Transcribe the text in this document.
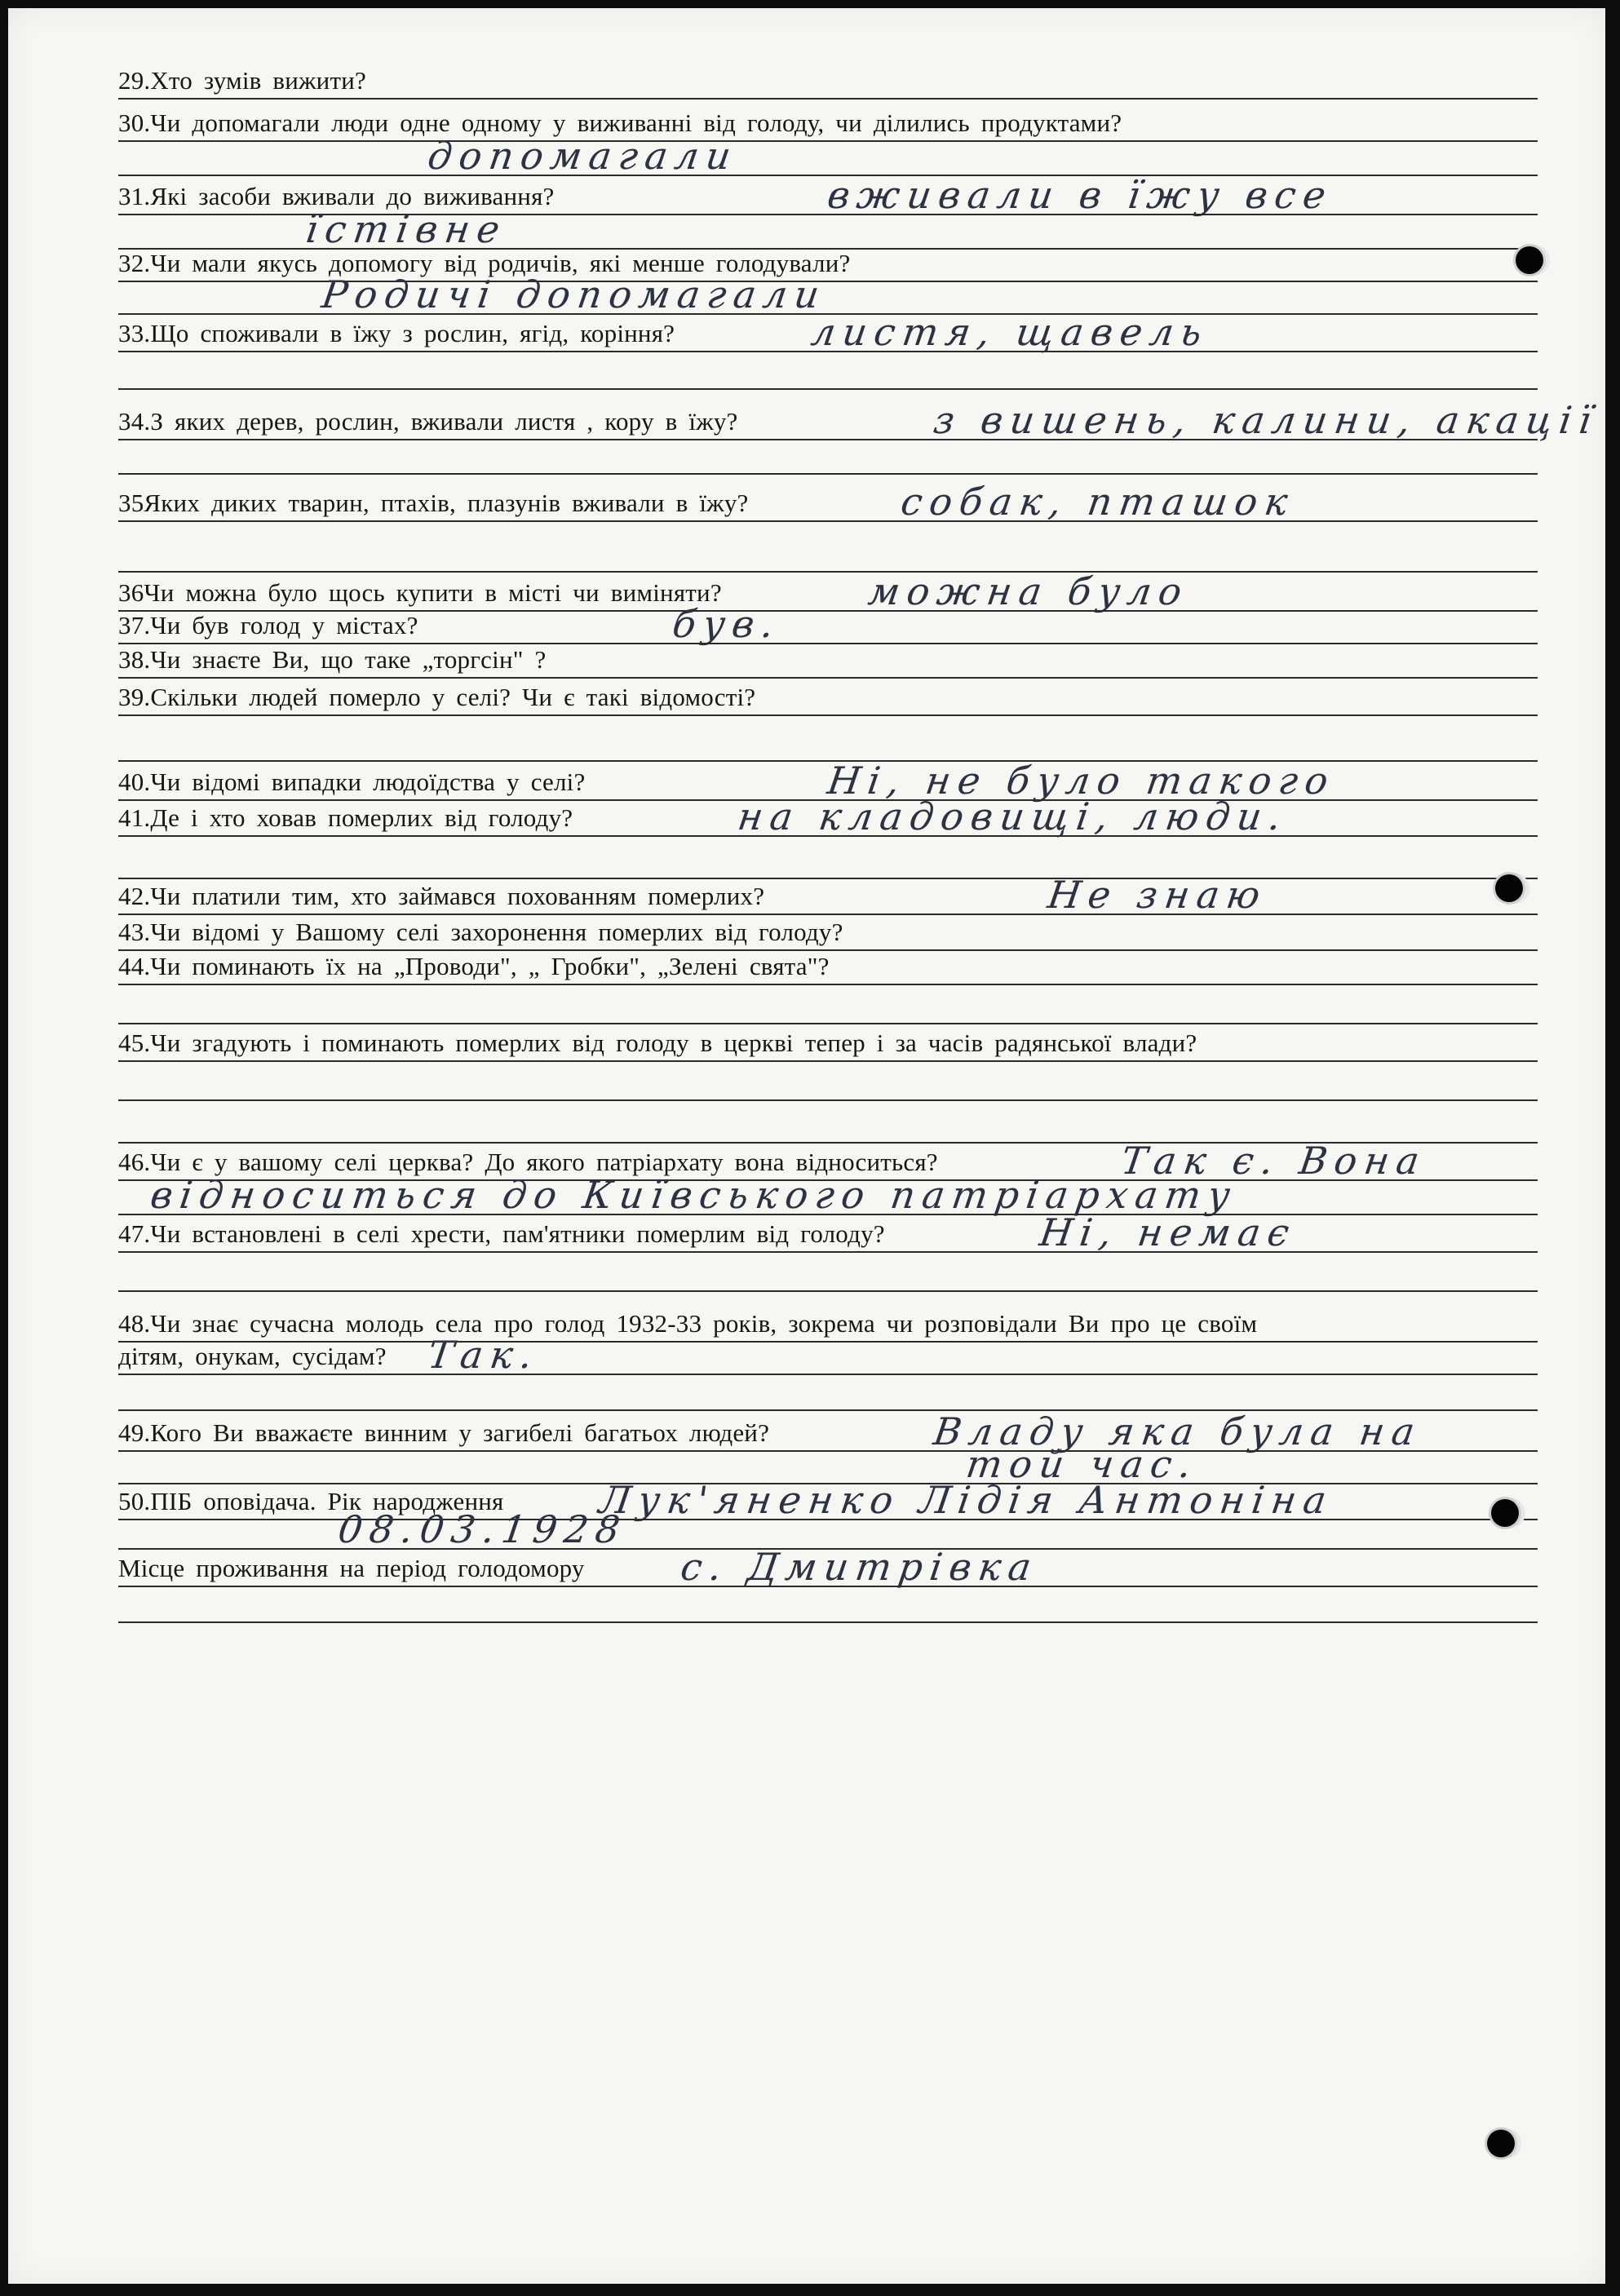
29.Хто зумів вижити?
30.Чи допомагали люди одне одному у виживанні від голоду, чи ділились продуктами?
допомагали
31.Які засоби вживали до виживання?	вживали в їжу все
їстівне
32.Чи мали якусь допомогу від родичів, які менше голодували?
Родичі допомагали
33.Що споживали в їжу з рослин, ягід, коріння?	листя, щавель
34.З яких дерев, рослин, вживали листя , кору в їжу?	з вишень, калини, акації
35Яких диких тварин, птахів, плазунів вживали в їжу?	собак, пташок
36Чи можна було щось купити в місті чи виміняти?	можна було
37.Чи був голод у містах?	був.
38.Чи знаєте Ви, що таке „торгсін" ?
39.Скільки людей померло у селі? Чи є такі відомості?
40.Чи відомі випадки людоїдства у селі?	Ні, не було такого
41.Де і хто ховав померлих від голоду?	на кладовищі, люди.
42.Чи платили тим, хто займався похованням померлих?	Не знаю
43.Чи відомі у Вашому селі захоронення померлих від голоду?
44.Чи поминають їх на „Проводи", „ Гробки", „Зелені свята"?
45.Чи згадують і поминають померлих від голоду в церкві тепер і за часів радянської влади?
46.Чи є у вашому селі церква? До якого патріархату вона відноситься?	Так є. Вона
відноситься до Київського патріархату
47.Чи встановлені в селі хрести, пам'ятники померлим від голоду?	Ні, немає
48.Чи знає сучасна молодь села про голод 1932-33 років, зокрема чи розповідали Ви про це своїм
дітям, онукам, сусідам? Так.
49.Кого Ви вважаєте винним у загибелі багатьох людей?	Владу яка була на
той час.
50.ПІБ оповідача. Рік народження Лук'яненко Лідія Антоніна
08.03.1928
Місце проживання на період голодомору с. Дмитрівка
